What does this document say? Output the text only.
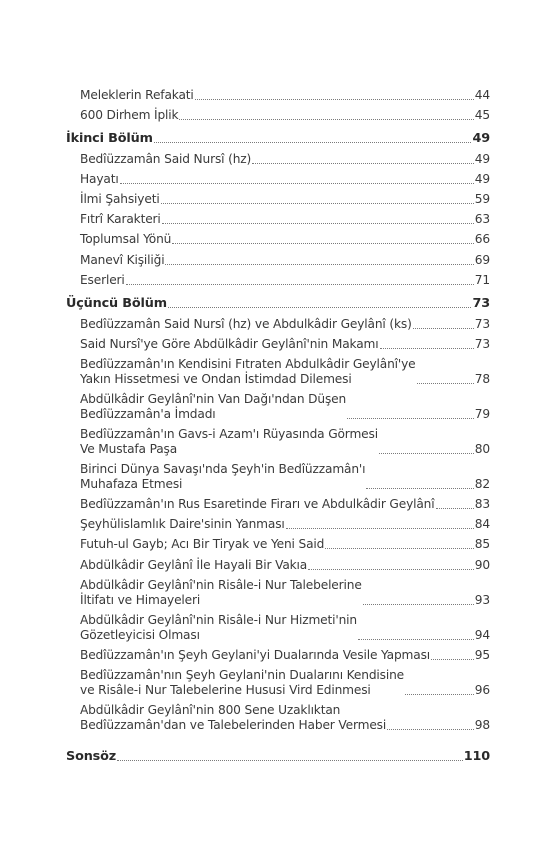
Meleklerin Refakati	44
600 Dirhem İplik	45
İkinci Bölüm	49
Bedîüzzamân Said Nursî (hz)	49
Hayatı	49
İlmi Şahsiyeti	59
Fıtrî Karakteri	63
Toplumsal Yönü	66
Manevî Kişiliği	69
Eserleri	71
Üçüncü Bölüm	73
Bedîüzzamân Said Nursî (hz) ve Abdulkâdir Geylânî (ks)	73
Said Nursî'ye Göre Abdülkâdir Geylânî'nin Makamı	73
Bedîüzzamân'ın Kendisini Fıtraten Abdulkâdir Geylânî'ye
Yakın Hissetmesi ve Ondan İstimdad Dilemesi	78
Abdülkâdir Geylânî'nin Van Dağı'ndan Düşen
Bedîüzzamân'a İmdadı	79
Bedîüzzamân'ın Gavs-i Azam'ı Rüyasında Görmesi
Ve Mustafa Paşa	80
Birinci Dünya Savaşı'nda Şeyh'in Bedîüzzamân'ı
Muhafaza Etmesi	82
Bedîüzzamân'ın Rus Esaretinde Firarı ve Abdulkâdir Geylânî	83
Şeyhülislamlık Daire'sinin Yanması	84
Futuh-ul Gayb; Acı Bir Tiryak ve Yeni Said	85
Abdülkâdir Geylânî İle Hayali Bir Vakıa	90
Abdülkâdir Geylânî'nin Risâle-i Nur Talebelerine
İltifatı ve Himayeleri	93
Abdülkâdir Geylânî'nin Risâle-i Nur Hizmeti'nin
Gözetleyicisi Olması	94
Bedîüzzamân'ın Şeyh Geylani'yi Dualarında Vesile Yapması	95
Bedîüzzamân'nın Şeyh Geylani'nin Dualarını Kendisine
ve Risâle-i Nur Talebelerine Hususi Vird Edinmesi	96
Abdülkâdir Geylânî'nin 800 Sene Uzaklıktan
Bedîüzzamân'dan ve Talebelerinden Haber Vermesi	98
Sonsöz	110
